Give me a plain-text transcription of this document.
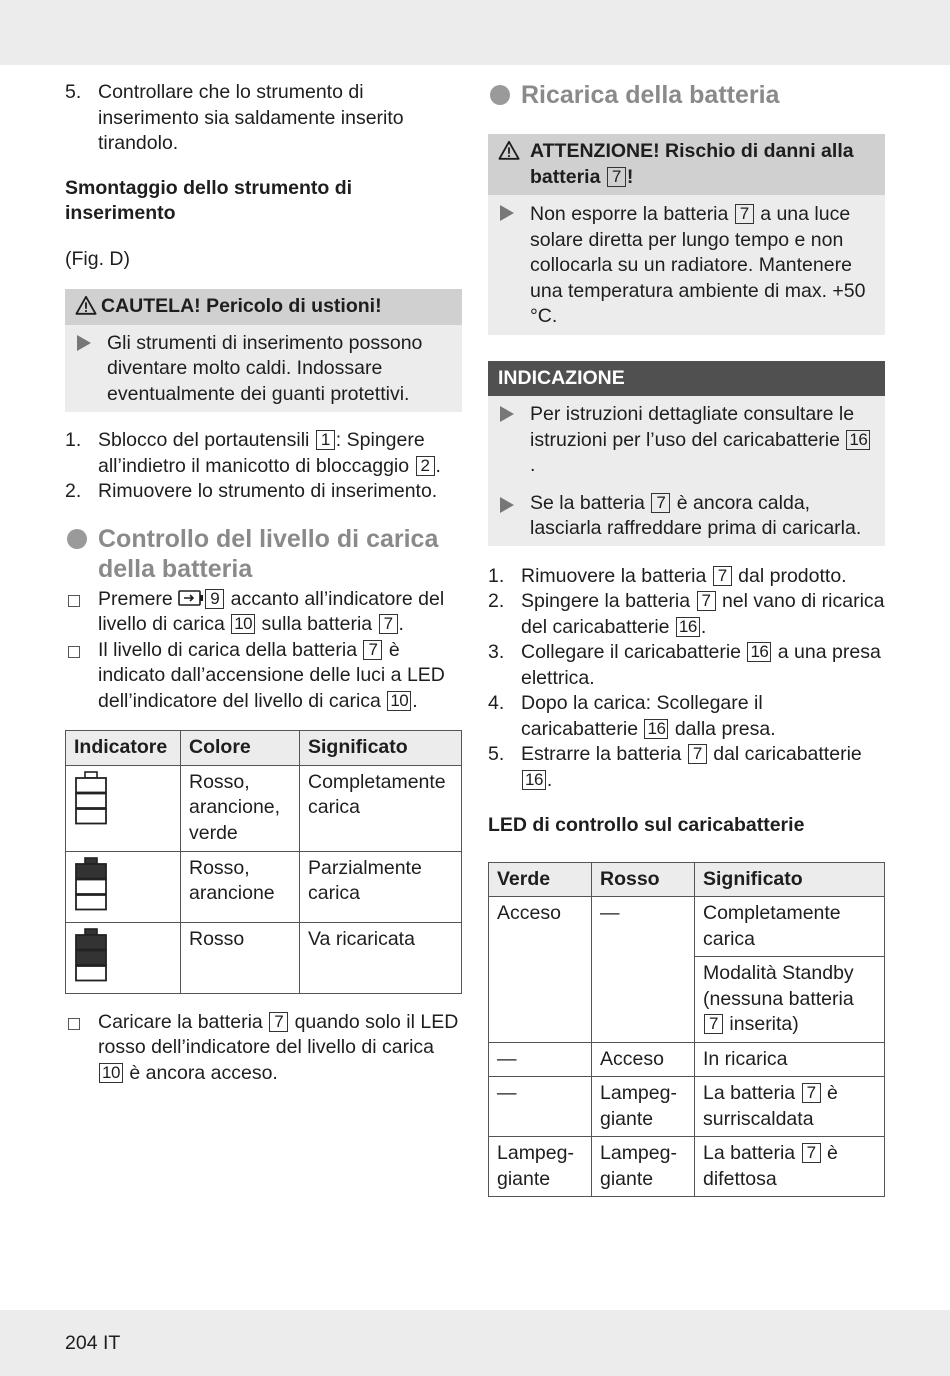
5. Controllare che lo strumento di inserimento sia saldamente inserito tirandolo.
Smontaggio dello strumento di inserimento
(Fig. D)
CAUTELA! Pericolo di ustioni!
Gli strumenti di inserimento possono diventare molto caldi. Indossare eventualmente dei guanti protettivi.
1. Sblocco del portautensili 1 : Spingere all’indietro il manicotto di bloccaggio 2 .
2. Rimuovere lo strumento di inserimento.
Controllo del livello di carica della batteria
Premere 9 accanto all’indicatore del livello di carica 10 sulla batteria 7 .
Il livello di carica della batteria 7 è indicato dall’accensione delle luci a LED dell’indicatore del livello di carica 10 .
Indicatore	Colore	Significato

	Rosso, arancione, verde	Completamente carica

	Rosso, arancione	Parzialmente carica

	Rosso	Va ricaricata
Caricare la batteria 7 quando solo il LED rosso dell’indicatore del livello di carica 10 è ancora acceso.
Ricarica della batteria
ATTENZIONE! Rischio di danni alla batteria 7 !
Non esporre la batteria 7 a una luce solare diretta per lungo tempo e non collocarla su un radiatore. Mantenere una temperatura ambiente di max. +50 °C.
INDICAZIONE
Per istruzioni dettagliate consultare le istruzioni per l’uso del caricabatterie 16.
Se la batteria 7 è ancora calda, lasciarla raffreddare prima di caricarla.
1. Rimuovere la batteria 7 dal prodotto.
2. Spingere la batteria 7 nel vano di ricarica del caricabatterie 16 .
3. Collegare il caricabatterie 16 a una presa elettrica.
4. Dopo la carica: Scollegare il caricabatterie 16 dalla presa.
5. Estrarre la batteria 7 dal caricabatterie 16 .
LED di controllo sul caricabatterie
Verde	Rosso	Significato
Acceso	—	Completamente carica
		Modalità Standby (nessuna batteria 7 inserita)
—	Acceso	In ricarica
—	Lampeg-giante	La batteria 7 è surriscaldata
Lampeg-giante	Lampeg-giante	La batteria 7 è difettosa
204 IT
